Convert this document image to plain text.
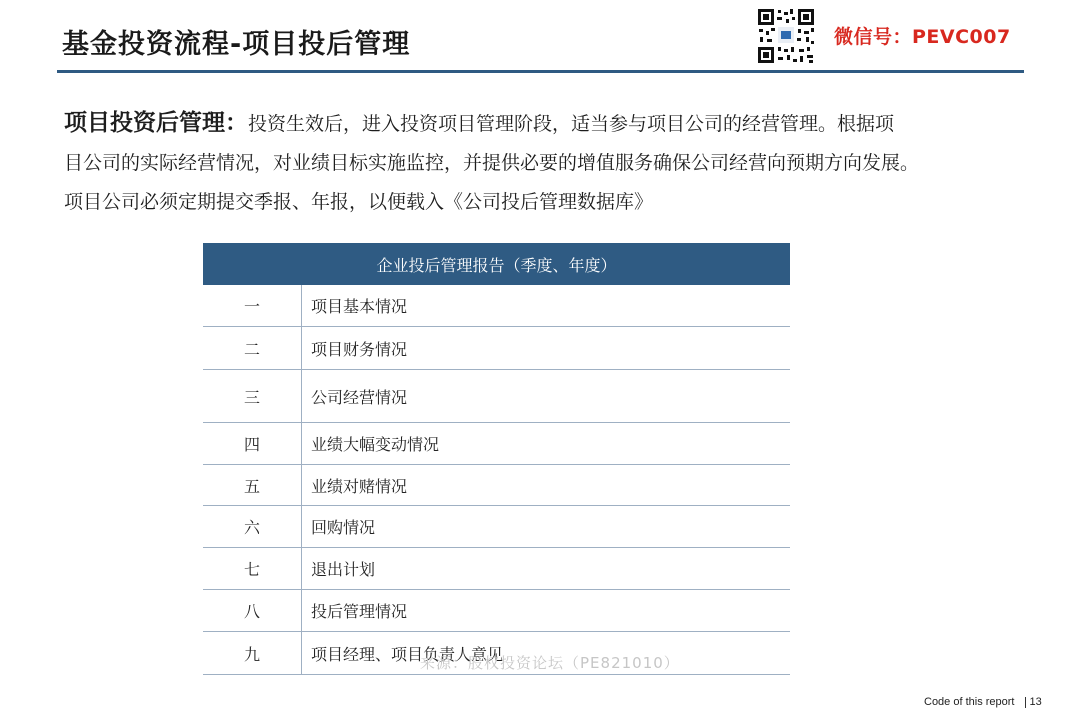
基金投资流程-项目投后管理	微信号：PEVC007
项目投资后管理：投资生效后，进入投资项目管理阶段，适当参与项目公司的经营管理。根据项
目公司的实际经营情况，对业绩目标实施监控，并提供必要的增值服务确保公司经营向预期方向发展。
项目公司必须定期提交季报、年报，以便载入《公司投后管理数据库》
企业投后管理报告（季度、年度）
一	项目基本情况
二	项目财务情况
三	公司经营情况
四	业绩大幅变动情况
五	业绩对赌情况
六	回购情况
七	退出计划
八	投后管理情况
九	项目经理、项目负责人意见
来源：股权投资论坛（PE821010）
Code of this report 13
